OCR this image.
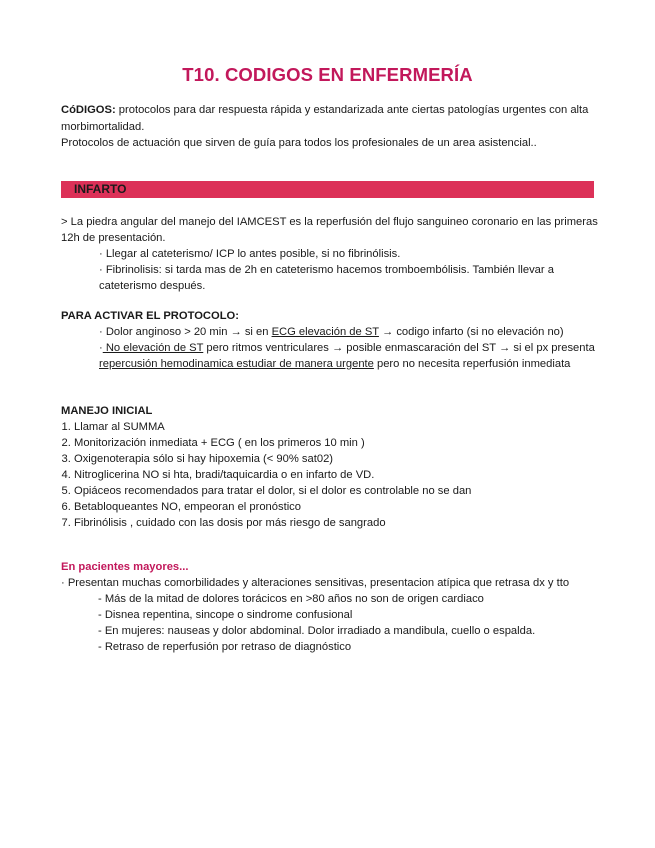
T10. CODIGOS EN ENFERMERÍA
CóDIGOS: protocolos para dar respuesta rápida y estandarizada ante ciertas patologías urgentes con alta morbimortalidad.
Protocolos de actuación que sirven de guía para todos los profesionales de un area asistencial..
INFARTO
> La piedra angular del manejo del IAMCEST es la reperfusión del flujo sanguineo coronario en las primeras 12h de presentación.
· Llegar al cateterismo/ ICP lo antes posible, si no fibrinólisis.
· Fibrinolisis: si tarda mas de 2h en cateterismo hacemos tromboembólisis. También llevar a cateterismo después.
PARA ACTIVAR EL PROTOCOLO:
· Dolor anginoso > 20 min → si en ECG elevación de ST → codigo infarto (si no elevación no)
· No elevación de ST pero ritmos ventriculares → posible enmascaración del ST → si el px presenta repercusión hemodinamica estudiar de manera urgente pero no necesita reperfusión inmediata
MANEJO INICIAL
1. Llamar al SUMMA
2. Monitorización inmediata + ECG ( en los primeros 10 min )
3. Oxigenoterapia sólo si hay hipoxemia (< 90% sat02)
4. Nitroglicerina NO si hta, bradi/taquicardia o en infarto de VD.
5. Opiáceos recomendados para tratar el dolor, si el dolor es controlable no se dan
6. Betabloqueantes NO, empeoran el pronóstico
7. Fibrinólisis , cuidado con las dosis por más riesgo de sangrado
En pacientes mayores...
· Presentan muchas comorbilidades y alteraciones sensitivas, presentacion atípica que retrasa dx y tto
- Más de la mitad de dolores torácicos en >80 años no son de origen cardiaco
- Disnea repentina, sincope o sindrome confusional
- En mujeres: nauseas y dolor abdominal. Dolor irradiado a mandibula, cuello o espalda.
- Retraso de reperfusión por retraso de diagnóstico
